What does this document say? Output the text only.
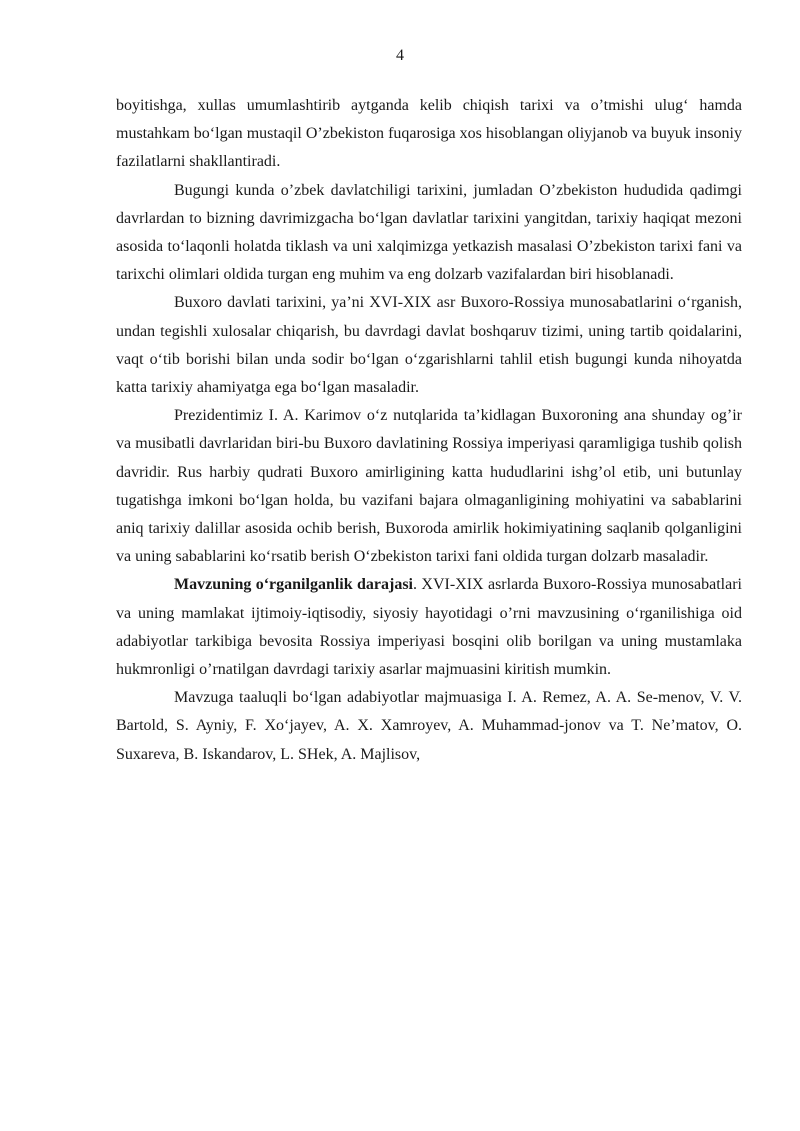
4

boyitishga, xullas umumlashtirib aytganda kelib chiqish tarixi va o’tmishi ulug‘ hamda mustahkam bo‘lgan mustaqil O’zbekiston fuqarosiga xos hisoblangan oliyjanob va buyuk insoniy fazilatlarni shakllantiradi.

Bugungi kunda o’zbek davlatchiligi tarixini, jumladan O’zbekiston hududida qadimgi davrlardan to bizning davrimizgacha bo‘lgan davlatlar tarixini yangitdan, tarixiy haqiqat mezoni asosida to‘laqonli holatda tiklash va uni xalqimizga yetkazish masalasi O’zbekiston tarixi fani va tarixchi olimlari oldida turgan eng muhim va eng dolzarb vazifalardan biri hisoblanadi.

Buxoro davlati tarixini, ya’ni XVI-XIX asr Buxoro-Rossiya munosabatlarini o‘rganish, undan tegishli xulosalar chiqarish, bu davrdagi davlat boshqaruv tizimi, uning tartib qoidalarini, vaqt o‘tib borishi bilan unda sodir bo‘lgan o‘zgarishlarni tahlil etish bugungi kunda nihoyatda katta tarixiy ahamiyatga ega bo‘lgan masaladir.

Prezidentimiz I. A. Karimov o‘z nutqlarida ta’kidlagan Buxoroning ana shunday og’ir va musibatli davrlaridan biri-bu Buxoro davlatining Rossiya imperiyasi qaramligiga tushib qolish davridir. Rus harbiy qudrati Buxoro amirligining katta hududlarini ishg’ol etib, uni butunlay tugatishga imkoni bo‘lgan holda, bu vazifani bajara olmaganligining mohiyatini va sabablarini aniq tarixiy dalillar asosida ochib berish, Buxoroda amirlik hokimiyatining saqlanib qolganligini va uning sabablarini ko‘rsatib berish O‘zbekiston tarixi fani oldida turgan dolzarb masaladir.

Mavzuning o‘rganilganlik darajasi. XVI-XIX asrlarda Buxoro-Rossiya munosabatlari va uning mamlakat ijtimoiy-iqtisodiy, siyosiy hayotidagi o’rni mavzusining o‘rganilishiga oid adabiyotlar tarkibiga bevosita Rossiya imperiyasi bosqini olib borilgan va uning mustamlaka hukmronligi o’rnatilgan davrdagi tarixiy asarlar majmuasini kiritish mumkin.

Mavzuga taaluqli bo‘lgan adabiyotlar majmuasiga I. A. Remez, A. A. Se-menov, V. V. Bartold, S. Ayniy, F. Xo‘jayev, A. X. Xamroyev, A. Muhammad-jonov va T. Ne’matov, O. Suxareva, B. Iskandarov, L. SHek, A. Majlisov,
